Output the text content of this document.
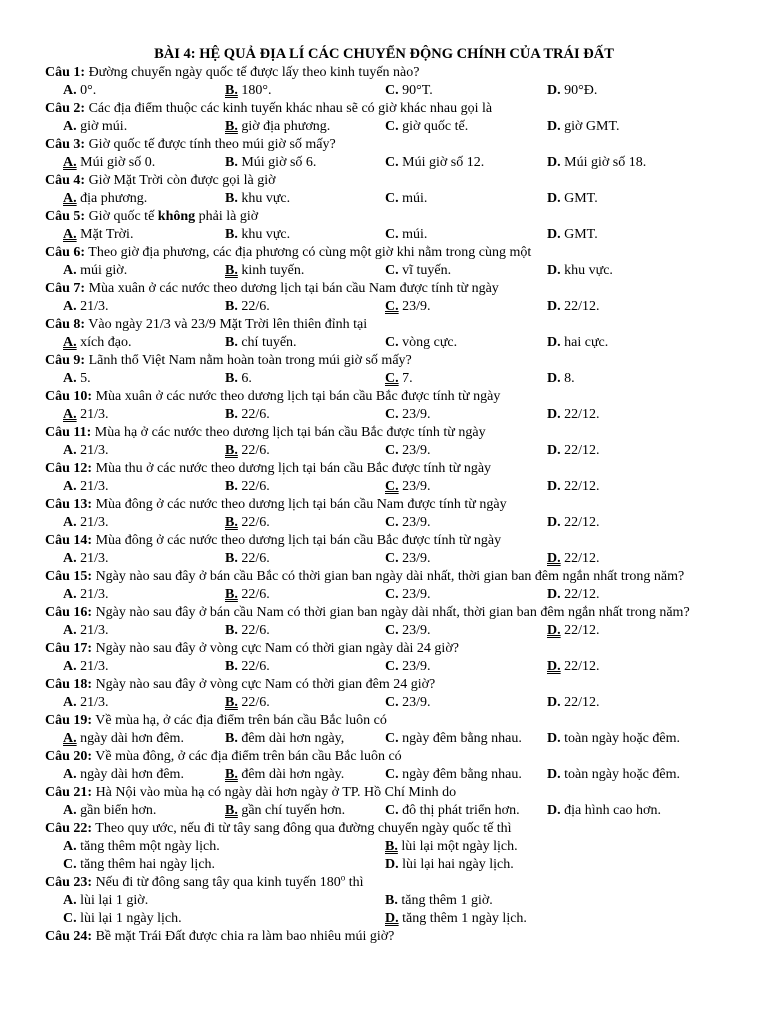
BÀI 4: HỆ QUẢ ĐỊA LÍ CÁC CHUYỂN ĐỘNG CHÍNH CỦA TRÁI ĐẤT
Câu 1: Đường chuyển ngày quốc tế được lấy theo kinh tuyến nào?
A. 0°.	B. 180°.	C. 90°T.	D. 90°Đ.
Câu 2: Các địa điểm thuộc các kinh tuyến khác nhau sẽ có giờ khác nhau gọi là
A. giờ múi.	B. giờ địa phương.	C. giờ quốc tế.	D. giờ GMT.
Câu 3: Giờ quốc tế được tính theo múi giờ số mấy?
A. Múi giờ số 0.	B. Múi giờ số 6.	C. Múi giờ số 12.	D. Múi giờ số 18.
Câu 4: Giờ Mặt Trời còn được gọi là giờ
A. địa phương.	B. khu vực.	C. múi.	D. GMT.
Câu 5: Giờ quốc tế không phải là giờ
A. Mặt Trời.	B. khu vực.	C. múi.	D. GMT.
Câu 6: Theo giờ địa phương, các địa phương có cùng một giờ khi nằm trong cùng một
A. múi giờ.	B. kinh tuyến.	C. vĩ tuyến.	D. khu vực.
Câu 7: Mùa xuân ở các nước theo dương lịch tại bán cầu Nam được tính từ ngày
A. 21/3.	B. 22/6.	C. 23/9.	D. 22/12.
Câu 8: Vào ngày 21/3 và 23/9 Mặt Trời lên thiên đỉnh tại
A. xích đạo.	B. chí tuyến.	C. vòng cực.	D. hai cực.
Câu 9: Lãnh thổ Việt Nam nằm hoàn toàn trong múi giờ số mấy?
A. 5.	B. 6.	C. 7.	D. 8.
Câu 10: Mùa xuân ở các nước theo dương lịch tại bán cầu Bắc được tính từ ngày
A. 21/3.	B. 22/6.	C. 23/9.	D. 22/12.
Câu 11: Mùa hạ ở các nước theo dương lịch tại bán cầu Bắc được tính từ ngày
A. 21/3.	B. 22/6.	C. 23/9.	D. 22/12.
Câu 12: Mùa thu ở các nước theo dương lịch tại bán cầu Bắc được tính từ ngày
A. 21/3.	B. 22/6.	C. 23/9.	D. 22/12.
Câu 13: Mùa đông ở các nước theo dương lịch tại bán cầu Nam được tính từ ngày
A. 21/3.	B. 22/6.	C. 23/9.	D. 22/12.
Câu 14: Mùa đông ở các nước theo dương lịch tại bán cầu Bắc được tính từ ngày
A. 21/3.	B. 22/6.	C. 23/9.	D. 22/12.
Câu 15: Ngày nào sau đây ở bán cầu Bắc có thời gian ban ngày dài nhất, thời gian ban đêm ngắn nhất trong năm?
A. 21/3.	B. 22/6.	C. 23/9.	D. 22/12.
Câu 16: Ngày nào sau đây ở bán cầu Nam có thời gian ban ngày dài nhất, thời gian ban đêm ngắn nhất trong năm?
A. 21/3.	B. 22/6.	C. 23/9.	D. 22/12.
Câu 17: Ngày nào sau đây ở vòng cực Nam có thời gian ngày dài 24 giờ?
A. 21/3.	B. 22/6.	C. 23/9.	D. 22/12.
Câu 18: Ngày nào sau đây ở vòng cực Nam có thời gian đêm 24 giờ?
A. 21/3.	B. 22/6.	C. 23/9.	D. 22/12.
Câu 19: Về mùa hạ, ở các địa điểm trên bán cầu Bắc luôn có
A. ngày dài hơn đêm.	B. đêm dài hơn ngày,	C. ngày đêm bằng nhau. D. toàn ngày hoặc đêm.
Câu 20: Về mùa đông, ở các địa điểm trên bán cầu Bắc luôn có
A. ngày dài hơn đêm.	B. đêm dài hơn ngày.	C. ngày đêm bằng nhau. D. toàn ngày hoặc đêm.
Câu 21: Hà Nội vào mùa hạ có ngày dài hơn ngày ở TP. Hồ Chí Minh do
A. gần biển hơn.	B. gần chí tuyến hơn.	C. đô thị phát triển hơn. D. địa hình cao hơn.
Câu 22: Theo quy ước, nếu đi từ tây sang đông qua đường chuyển ngày quốc tế thì
A. tăng thêm một ngày lịch.	B. lùi lại một ngày lịch.
C. tăng thêm hai ngày lịch.	D. lùi lại hai ngày lịch.
Câu 23: Nếu đi từ đông sang tây qua kinh tuyến 180$^o$ thì
A. lùi lại 1 giờ.	B. tăng thêm 1 giờ.
C. lùi lại 1 ngày lịch.	D. tăng thêm 1 ngày lịch.
Câu 24: Bề mặt Trái Đất được chia ra làm bao nhiêu múi giờ?
